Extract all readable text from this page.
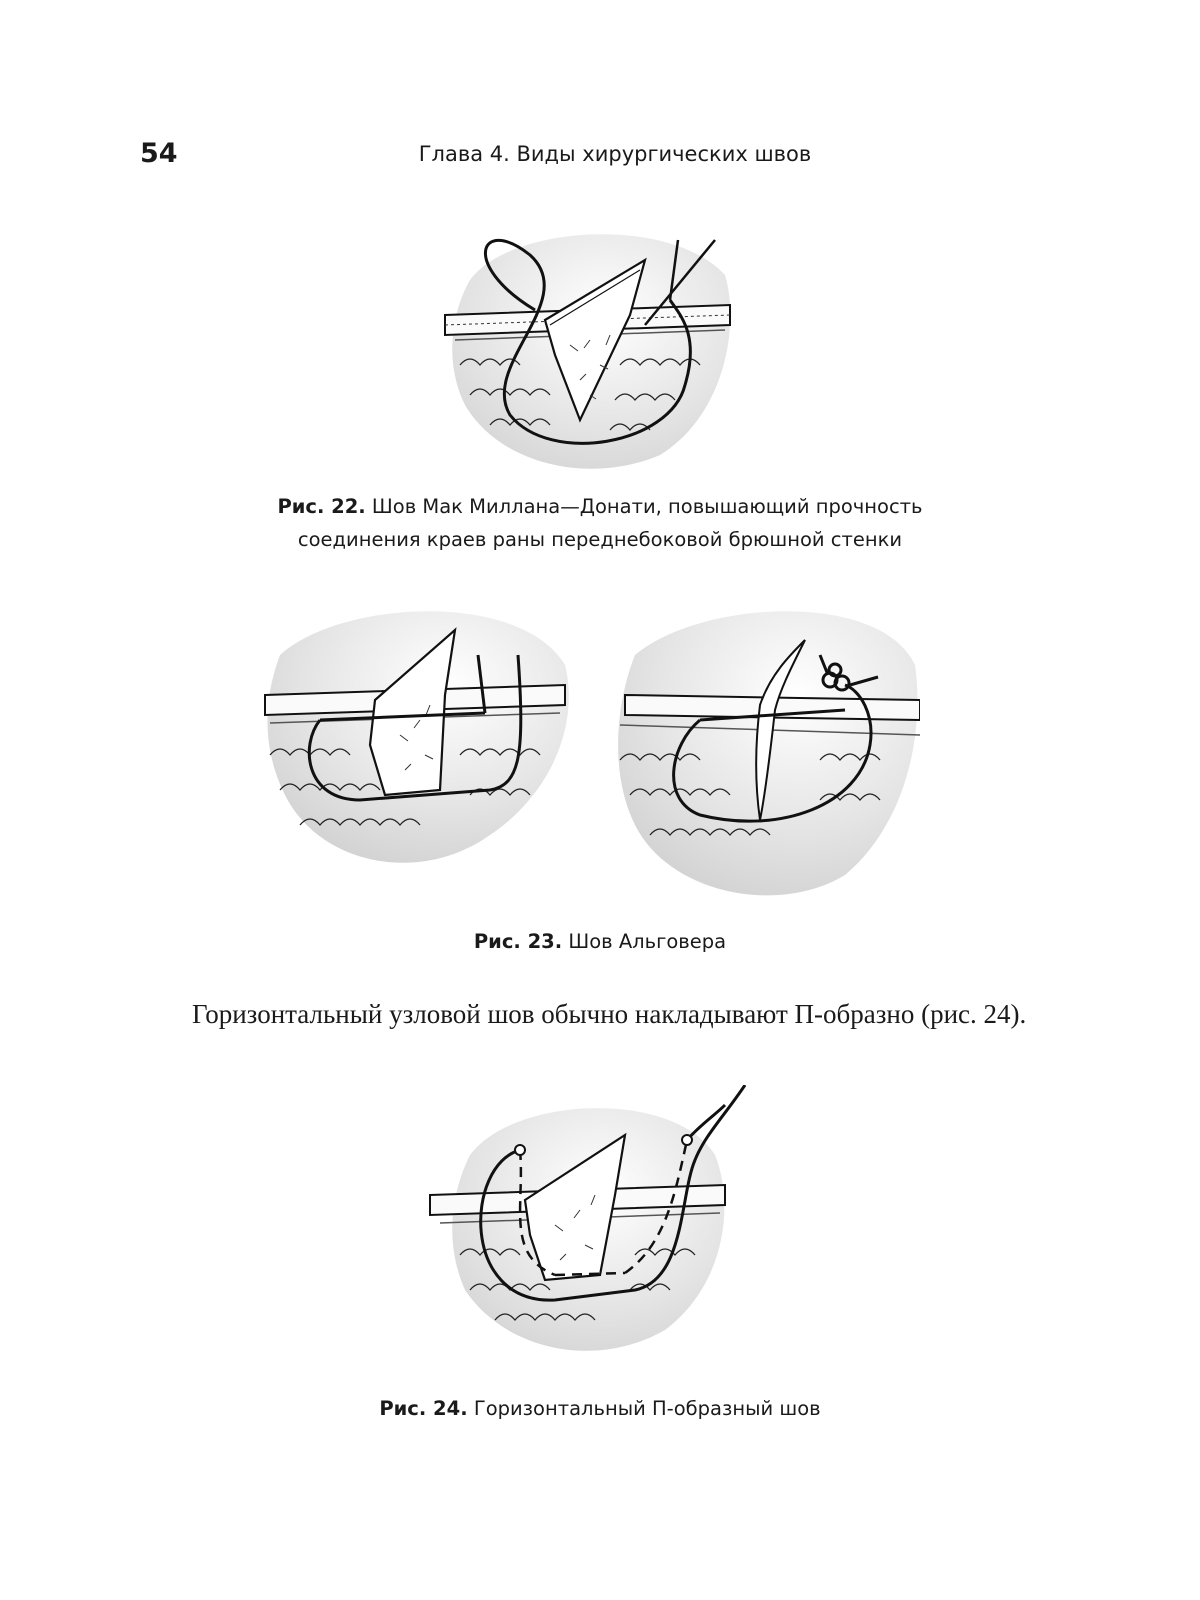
54	Глава 4. Виды хирургических швов
Рис. 22. Шов Мак Миллана—Донати, повышающий прочность
соединения краев раны переднебоковой брюшной стенки
Рис. 23. Шов Альговера
Горизонтальный узловой шов обычно накладывают П-образно (рис. 24).
Рис. 24. Горизонтальный П-образный шов
